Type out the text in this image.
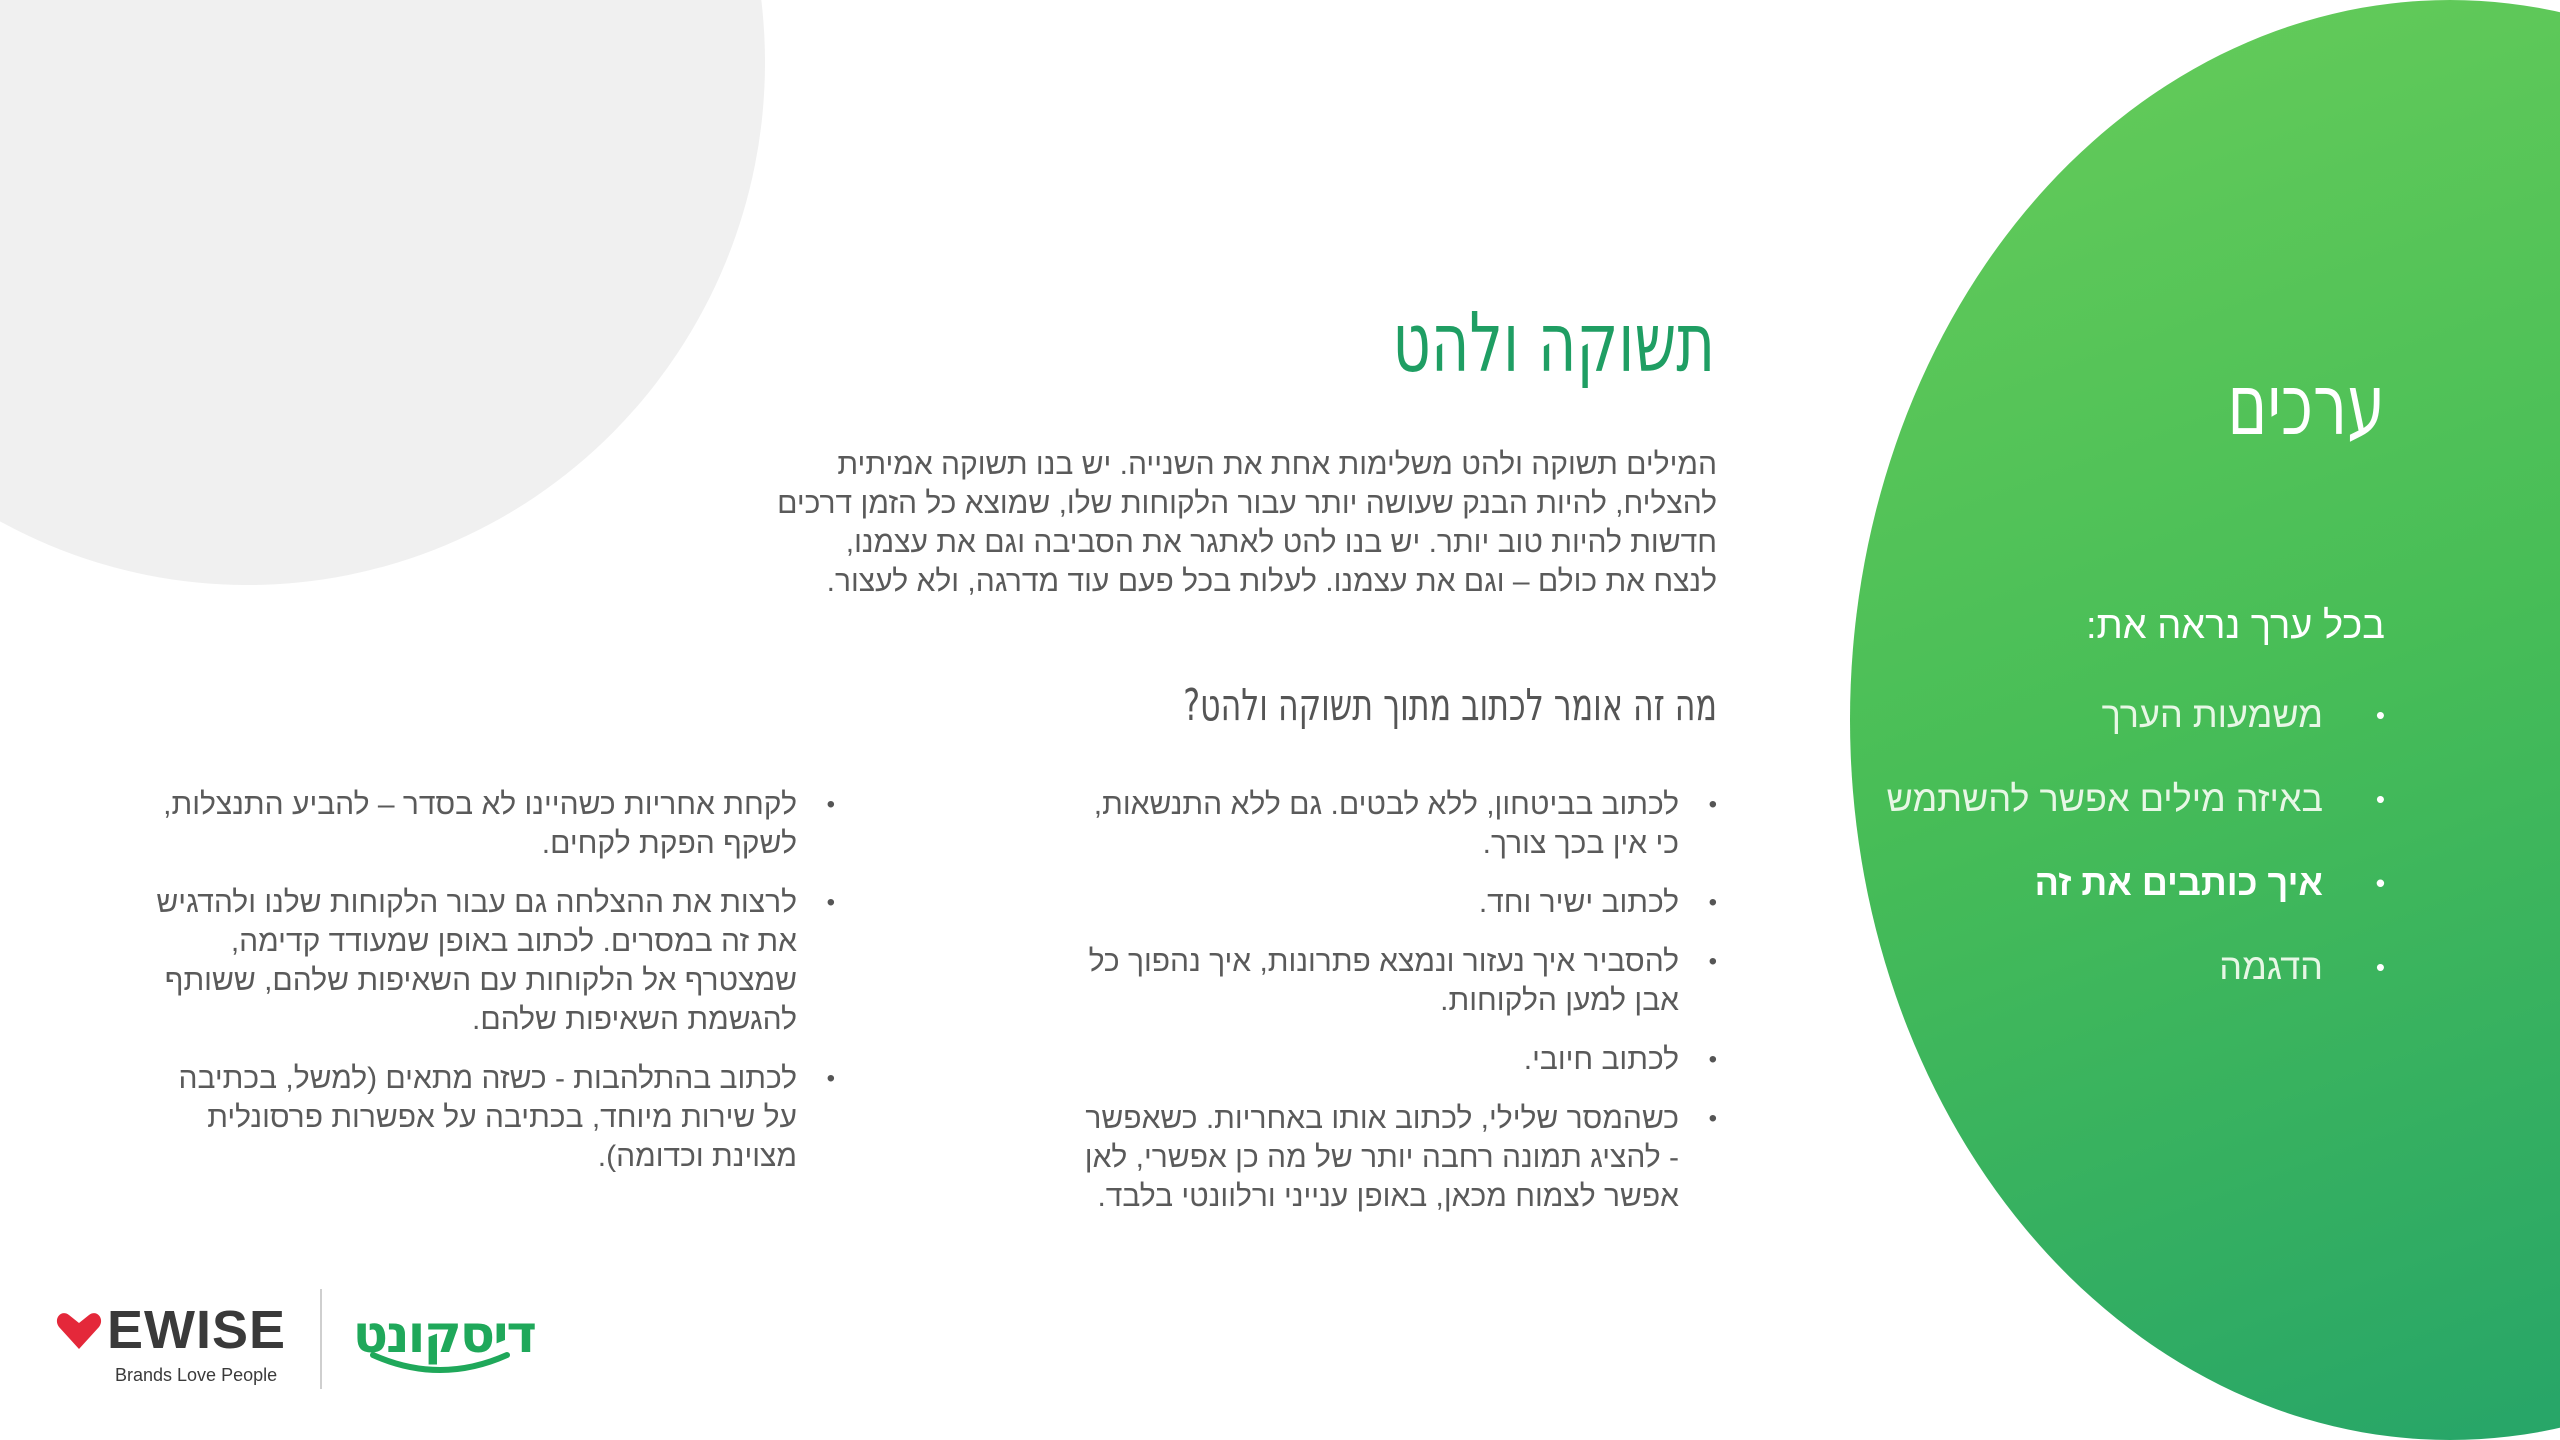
ערכים

בכל ערך נראה את:

•
משמעות הערך
•
באיזה מילים אפשר להשתמש
•
איך כותבים את זה
•
הדגמה
תשוקה ולהט

המילים תשוקה ולהט משלימות אחת את השנייה. יש בנו תשוקה אמיתית להצליח, להיות הבנק שעושה יותר עבור הלקוחות שלו, שמוצא כל הזמן דרכים חדשות להיות טוב יותר. יש בנו להט לאתגר את הסביבה וגם את עצמנו, לנצח את כולם – וגם את עצמנו. לעלות בכל פעם עוד מדרגה, ולא לעצור.

מה זה אומר לכתוב מתוך תשוקה ולהט?
•
לכתוב בביטחון, ללא לבטים. גם ללא התנשאות, כי אין בכך צורך.
•
לכתוב ישיר וחד.
•
להסביר איך נעזור ונמצא פתרונות, איך נהפוך כל אבן למען הלקוחות.
•
לכתוב חיובי.
•
כשהמסר שלילי, לכתוב אותו באחריות. כשאפשר - להציג תמונה רחבה יותר של מה כן אפשרי, לאן אפשר לצמוח מכאן, באופן ענייני ורלוונטי בלבד.
•
לקחת אחריות כשהיינו לא בסדר – להביע התנצלות, לשקף הפקת לקחים.
•
לרצות את ההצלחה גם עבור הלקוחות שלנו ולהדגיש את זה במסרים. לכתוב באופן שמעודד קדימה, שמצטרף אל הלקוחות עם השאיפות שלהם, ששותף להגשמת השאיפות שלהם.
•
לכתוב בהתלהבות - כשזה מתאים (למשל, בכתיבה על שירות מיוחד, בכתיבה על אפשרות פרסונלית מצוינת וכדומה).
EWISE
Brands Love People
דיסקונט
